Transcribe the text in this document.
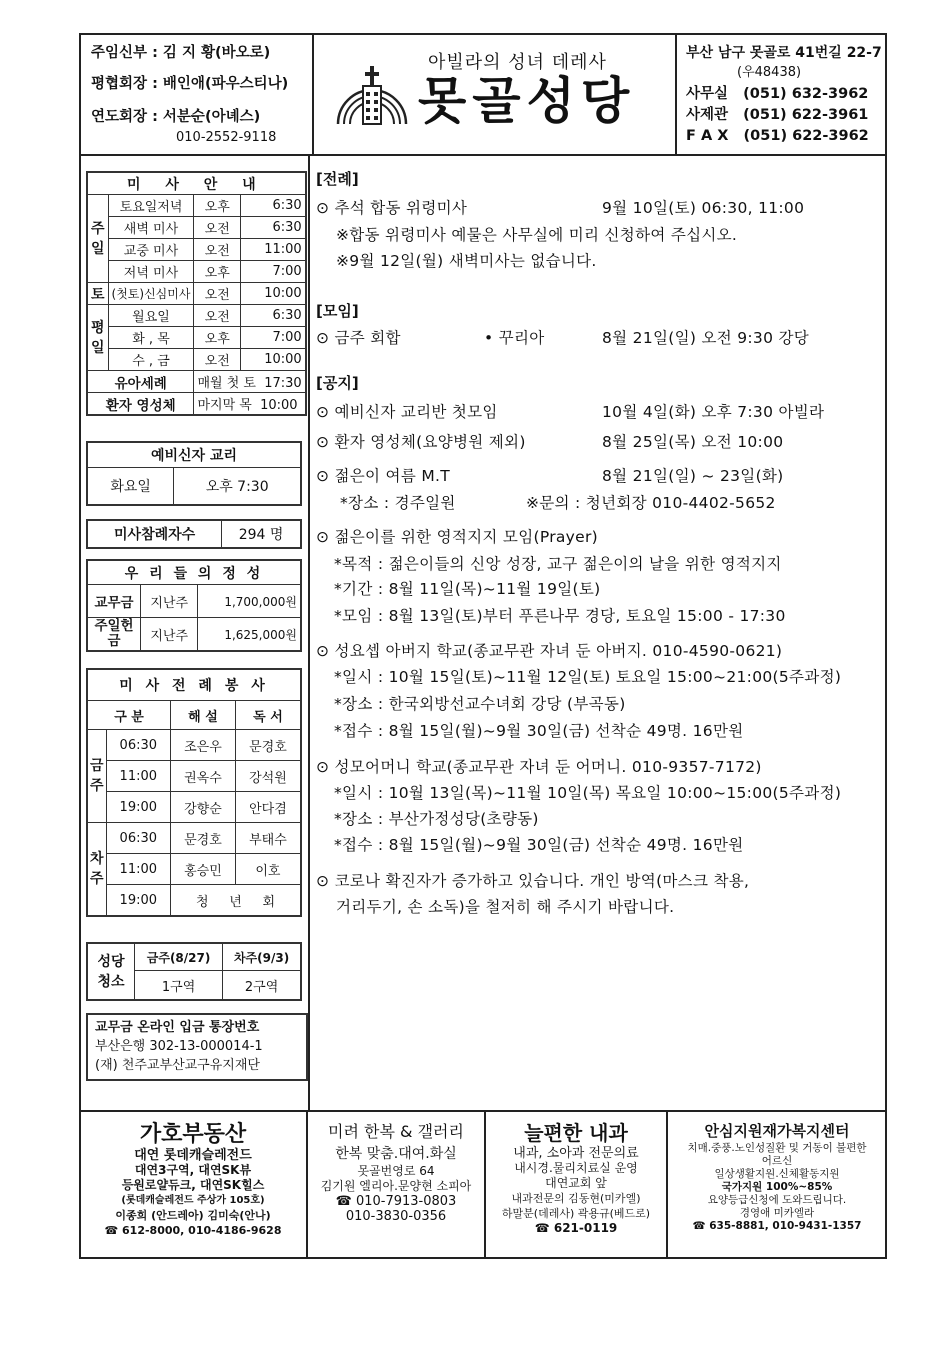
주임신부 : 김 지 황(바오로)
평협회장 : 배인애(파우스티나)
연도회장 : 서분순(아녜스)
010-2552-9118
아빌라의 성녀 데레사
못골성당
부산 남구 못골로 41번길 22-7
(우48438)
사무실   (051) 632-3962
사제관   (051) 622-3961
F A X   (051) 622-3962
미 사 안 내			
주일	토요일저녁	오후	6:30
	새벽 미사	오전	6:30
	교중 미사	오전	11:00
	저녁 미사	오후	7:00
토	(첫토)신심미사	오전	10:00
평일	월요일	오전	6:30
	화 , 목	오후	7:00
	수 , 금	오전	10:00
유아세례		매월 첫 토  17:30	
환자 영성체		마지막 목  10:00	
예비신자 교리
화요일	오후 7:30
미사참례자수	294 명
우 리 들 의 정 성		
교무금	지난주	1,700,000원
주일헌금	지난주	1,625,000원
미 사 전 례 봉 사			
구 분		해 설	독 서
금주	06:30	조은우	문경호
	11:00	권옥수	강석원
	19:00	강향순	안다겸
차주	06:30	문경호	부태수
	11:00	홍승민	이호
	19:00	청     년     회	
성당 청소	금주(8/27)	차주(9/3)
	1구역	2구역
교무금 온라인 입금 통장번호
부산은행 302-13-000014-1
(재) 천주교부산교구유지재단
[전례]
⊙ 추석 합동 위령미사	9월 10일(토) 06:30, 11:00
※합동 위령미사 예물은 사무실에 미리 신청하여 주십시오.
※9월 12일(월) 새벽미사는 없습니다.
[모임]
⊙ 금주 회합	• 꾸리아	8월 21일(일) 오전 9:30 강당
[공지]
⊙ 예비신자 교리반 첫모임	10월 4일(화) 오후 7:30 아빌라
⊙ 환자 영성체(요양병원 제외)	8월 25일(목) 오전 10:00
⊙ 젊은이 여름 M.T	8월 21일(일) ~ 23일(화)
*장소 : 경주일원	※문의 : 청년회장 010-4402-5652
⊙ 젊은이를 위한 영적지지 모임(Prayer)
*목적 : 젊은이들의 신앙 성장, 교구 젊은이의 날을 위한 영적지지
*기간 : 8월 11일(목)~11월 19일(토)
*모임 : 8월 13일(토)부터 푸른나무 경당, 토요일 15:00 - 17:30
⊙ 성요셉 아버지 학교(종교무관 자녀 둔 아버지. 010-4590-0621)
*일시 : 10월 15일(토)~11월 12일(토) 토요일 15:00~21:00(5주과정)
*장소 : 한국외방선교수녀회 강당 (부곡동)
*접수 : 8월 15일(월)~9월 30일(금) 선착순 49명. 16만원
⊙ 성모어머니 학교(종교무관 자녀 둔 어머니. 010-9357-7172)
*일시 : 10월 13일(목)~11월 10일(목) 목요일 10:00~15:00(5주과정)
*장소 : 부산가정성당(초량동)
*접수 : 8월 15일(월)~9월 30일(금) 선착순 49명. 16만원
⊙ 코로나 확진자가 증가하고 있습니다. 개인 방역(마스크 착용,
거리두기, 손 소독)을 철저히 해 주시기 바랍니다.
가호부동산
대연 롯데캐슬레전드
대연3구역, 대연SK뷰
등원로얄듀크, 대연SK힐스
(롯데캐슬레전드 주상가 105호)
이종희 (안드레아) 김미숙(안나)
☎ 612-8000, 010-4186-9628
미려 한복 & 갤러리
한복 맞춤.대여.화실
못골번영로 64
김기원 엘리아.문양현 소피아
☎ 010-7913-0803
010-3830-0356
늘편한 내과
내과, 소아과 전문의료
내시경.물리치료실 운영
대연교회 앞
내과전문의 김동현(미카엘)
하말분(데레사) 곽용규(베드로)
☎ 621-0119
안심지원재가복지센터
치매.중풍.노인성질환 및 거동이 불편한
어르신
일상생활지원.신체활동지원
국가지원 100%~85%
요양등급신청에 도와드립니다.
경영애 미카엘라
☎ 635-8881, 010-9431-1357
